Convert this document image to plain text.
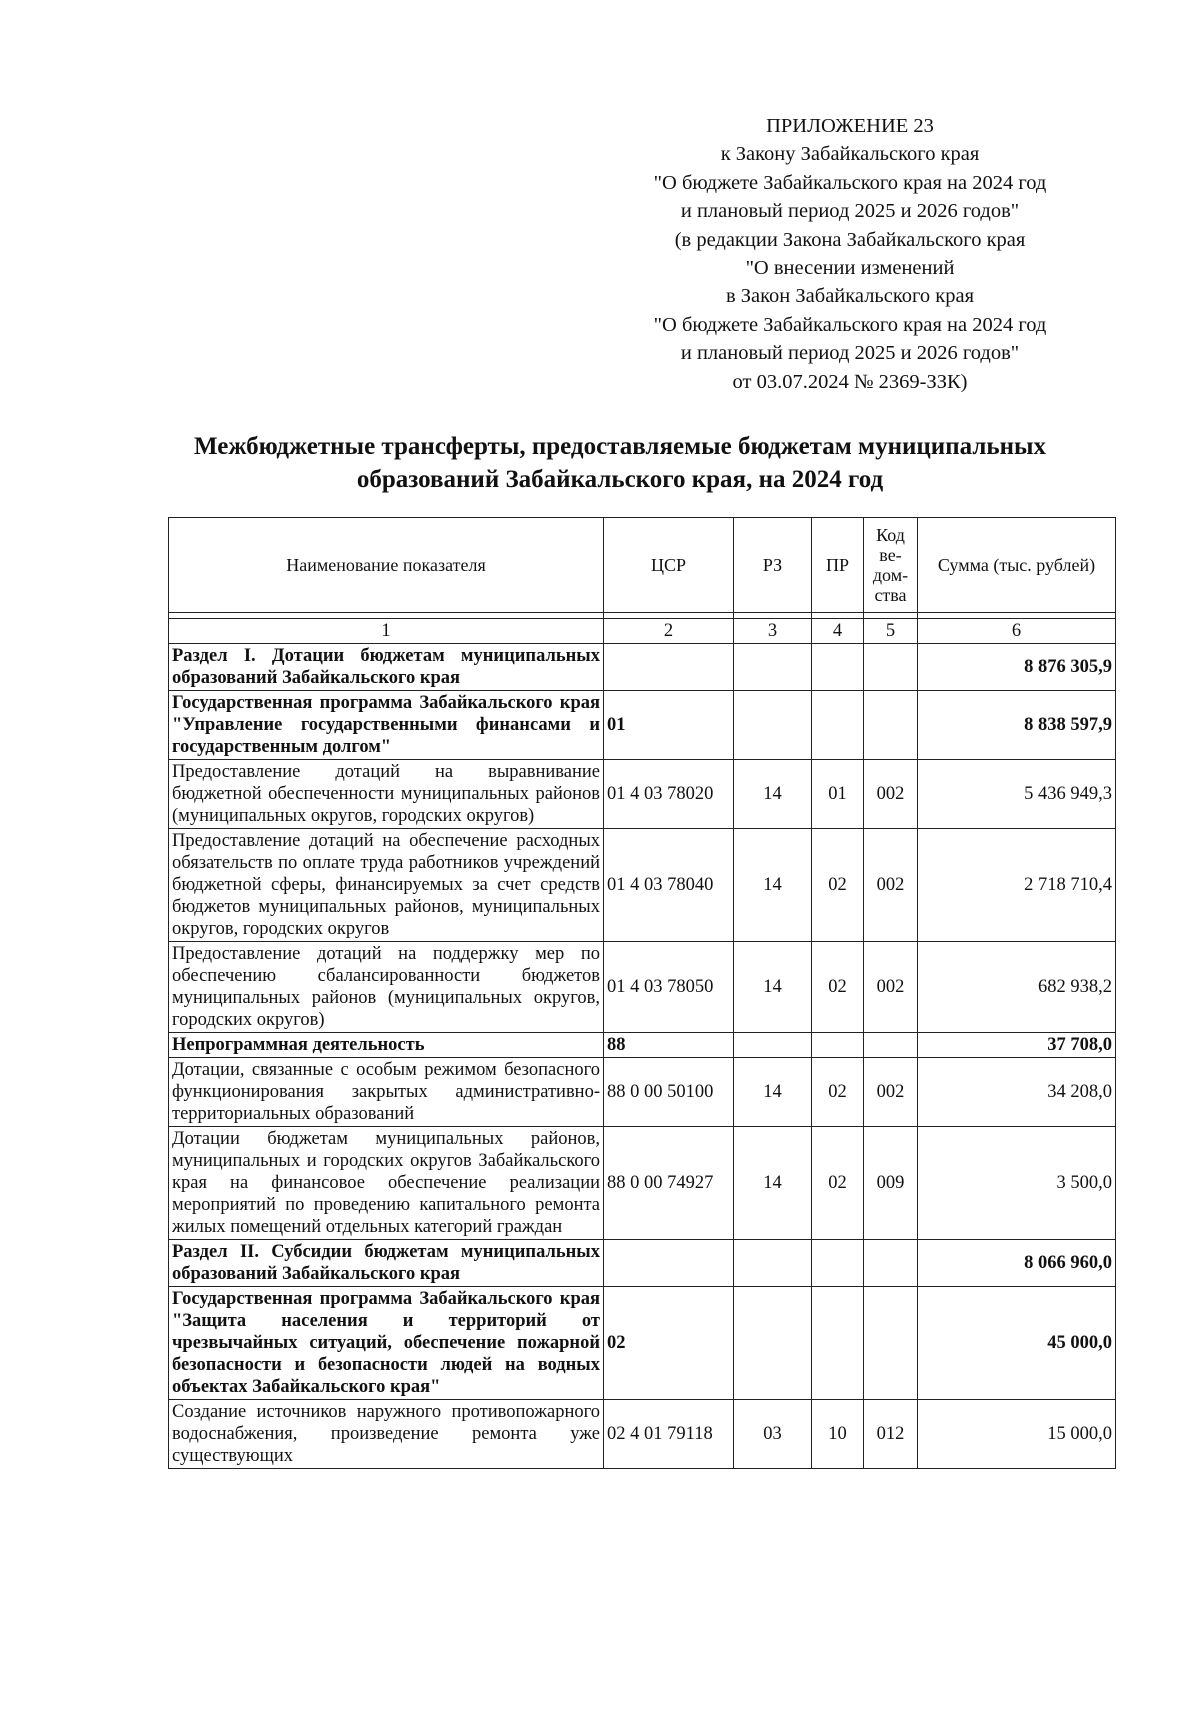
ПРИЛОЖЕНИЕ 23
к Закону Забайкальского края
"О бюджете Забайкальского края на 2024 год
и плановый период 2025 и 2026 годов"
(в редакции Закона Забайкальского края
"О внесении изменений
в Закон Забайкальского края
"О бюджете Забайкальского края на 2024 год
и плановый период 2025 и 2026 годов"
от 03.07.2024 № 2369-ЗЗК)
Межбюджетные трансферты, предоставляемые бюджетам муниципальных
образований Забайкальского края, на 2024 год
Наименование показателя	ЦСР	РЗ	ПР	Код ве-дом-ства	Сумма (тыс. рублей)

1	2	3	4	5	6
Раздел I. Дотации бюджетам муниципальных образований Забайкальского края					8 876 305,9
Государственная программа Забайкальского края "Управление государственными финансами и государственным долгом"	01				8 838 597,9
Предоставление дотаций на выравнивание бюджетной обеспеченности муниципальных районов (муниципальных округов, городских округов)	01 4 03 78020	14	01	002	5 436 949,3
Предоставление дотаций на обеспечение расходных обязательств по оплате труда работников учреждений бюджетной сферы, финансируемых за счет средств бюджетов муниципальных районов, муниципальных округов, городских округов	01 4 03 78040	14	02	002	2 718 710,4
Предоставление дотаций на поддержку мер по обеспечению сбалансированности бюджетов муниципальных районов (муниципальных округов, городских округов)	01 4 03 78050	14	02	002	682 938,2
Непрограммная деятельность	88				37 708,0
Дотации, связанные с особым режимом безопасного функционирования закрытых административно-территориальных образований	88 0 00 50100	14	02	002	34 208,0
Дотации бюджетам муниципальных районов, муниципальных и городских округов Забайкальского края на финансовое обеспечение реализации мероприятий по проведению капитального ремонта жилых помещений отдельных категорий граждан	88 0 00 74927	14	02	009	3 500,0
Раздел II. Субсидии бюджетам муниципальных образований Забайкальского края					8 066 960,0
Государственная программа Забайкальского края "Защита населения и территорий от чрезвычайных ситуаций, обеспечение пожарной безопасности и безопасности людей на водных объектах Забайкальского края"	02				45 000,0
Создание источников наружного противопожарного водоснабжения, произведение ремонта уже существующих	02 4 01 79118	03	10	012	15 000,0
